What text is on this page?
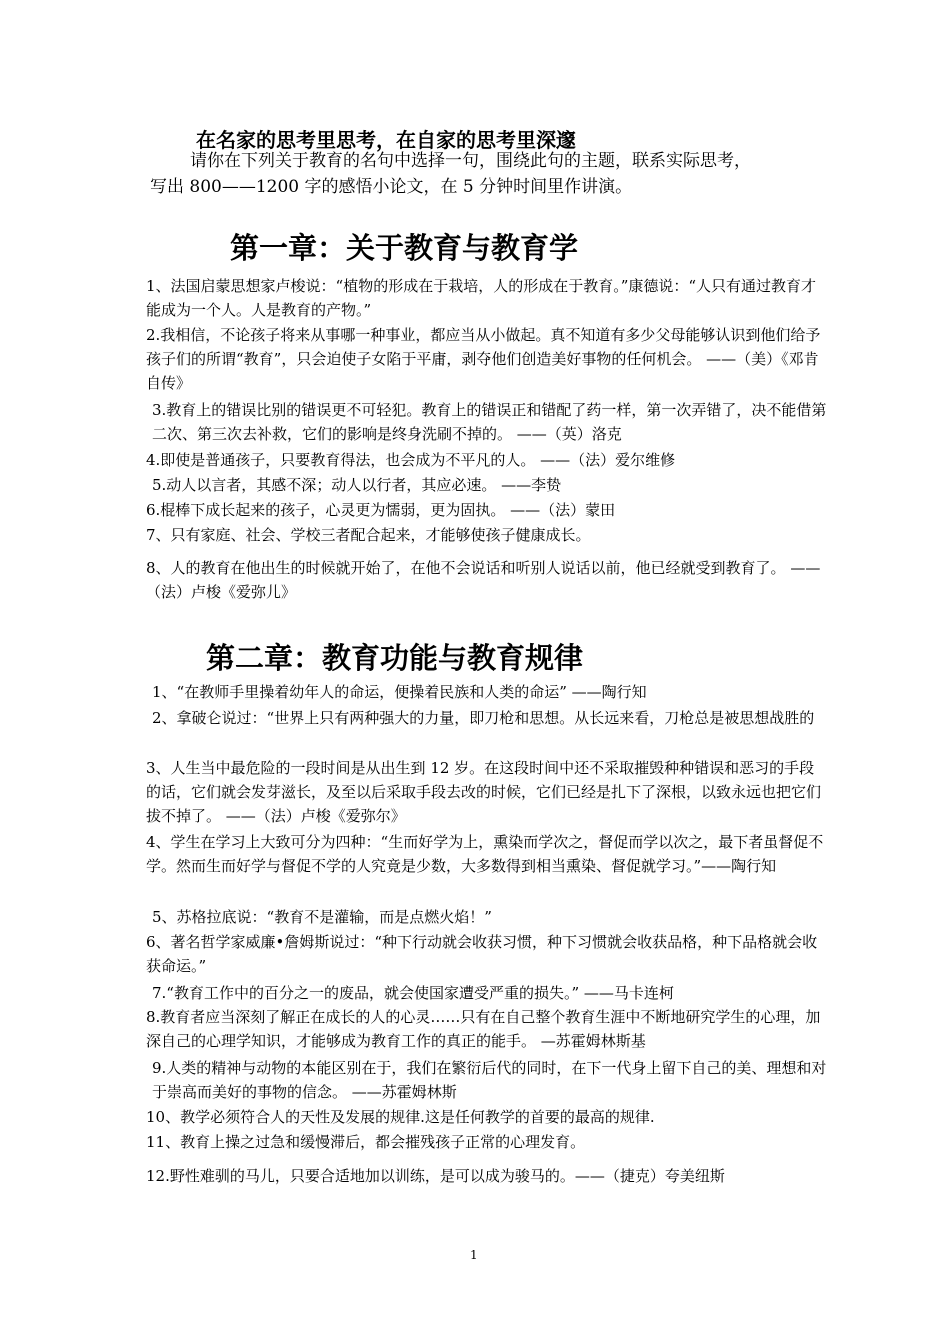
在名家的思考里思考，在自家的思考里深邃
请你在下列关于教育的名句中选择一句，围绕此句的主题，联系实际思考，
写出 800——1200 字的感悟小论文，在 5 分钟时间里作讲演。
第一章：关于教育与教育学
1、法国启蒙思想家卢梭说：“植物的形成在于栽培，人的形成在于教育。”康德说：“人只有通过教育才能成为一个人。人是教育的产物。”
2.我相信，不论孩子将来从事哪一种事业，都应当从小做起。真不知道有多少父母能够认识到他们给予孩子们的所谓“教育”，只会迫使子女陷于平庸，剥夺他们创造美好事物的任何机会。 ——（美）《邓肯自传》
3.教育上的错误比别的错误更不可轻犯。教育上的错误正和错配了药一样，第一次弄错了，决不能借第二次、第三次去补救，它们的影响是终身洗刷不掉的。 ——（英）洛克
4.即使是普通孩子，只要教育得法，也会成为不平凡的人。 ——（法）爱尔维修
5.动人以言者，其感不深；动人以行者，其应必速。 ——李贽
6.棍棒下成长起来的孩子，心灵更为懦弱，更为固执。 ——（法）蒙田
7、只有家庭、社会、学校三者配合起来，才能够使孩子健康成长。
8、人的教育在他出生的时候就开始了，在他不会说话和听别人说话以前，他已经就受到教育了。 ——（法）卢梭《爱弥儿》
第二章：教育功能与教育规律
1、“在教师手里操着幼年人的命运，便操着民族和人类的命运” ——陶行知
2、拿破仑说过：“世界上只有两种强大的力量，即刀枪和思想。从长远来看，刀枪总是被思想战胜的
3、人生当中最危险的一段时间是从出生到 12 岁。在这段时间中还不采取摧毁种种错误和恶习的手段的话，它们就会发芽滋长，及至以后采取手段去改的时候，它们已经是扎下了深根，以致永远也把它们拔不掉了。 ——（法）卢梭《爱弥尔》
4、学生在学习上大致可分为四种：“生而好学为上，熏染而学次之，督促而学以次之，最下者虽督促不学。然而生而好学与督促不学的人究竟是少数，大多数得到相当熏染、督促就学习。”——陶行知
5、苏格拉底说：“教育不是灌输，而是点燃火焰！”
6、著名哲学家威廉•詹姆斯说过：“种下行动就会收获习惯，种下习惯就会收获品格，种下品格就会收获命运。”
7.“教育工作中的百分之一的废品，就会使国家遭受严重的损失。” ——马卡连柯
8.教育者应当深刻了解正在成长的人的心灵……只有在自己整个教育生涯中不断地研究学生的心理，加深自己的心理学知识，才能够成为教育工作的真正的能手。 —苏霍姆林斯基
9.人类的精神与动物的本能区别在于，我们在繁衍后代的同时，在下一代身上留下自己的美、理想和对于崇高而美好的事物的信念。 ——苏霍姆林斯
10、教学必须符合人的天性及发展的规律.这是任何教学的首要的最高的规律.
11、教育上操之过急和缓慢滞后，都会摧残孩子正常的心理发育。
12.野性难驯的马儿，只要合适地加以训练，是可以成为骏马的。——（捷克）夸美纽斯
1
